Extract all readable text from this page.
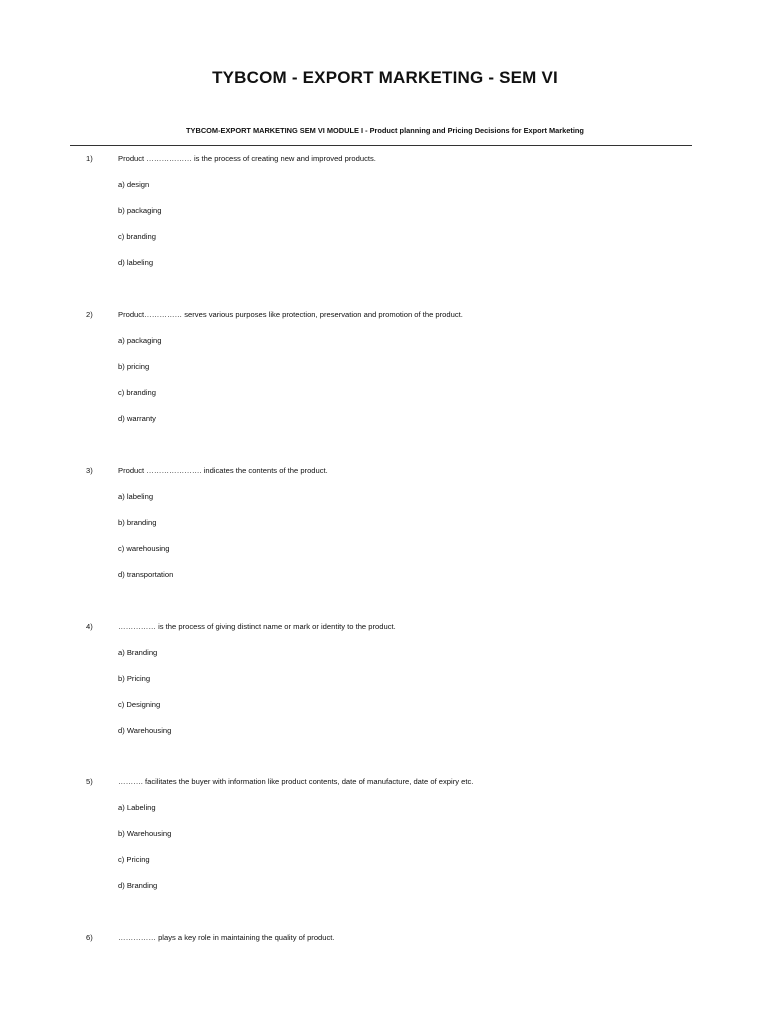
TYBCOM - EXPORT MARKETING - SEM VI
TYBCOM-EXPORT MARKETING SEM VI MODULE I - Product planning and Pricing Decisions for Export Marketing
1)	Product ……………… is the process of creating new and improved products.
a) design
b) packaging
c) branding
d) labeling
2)	Product…………… serves various purposes like protection, preservation and promotion of the product.
a) packaging
b) pricing
c) branding
d) warranty
3)	Product …………………. indicates the contents of the product.
a) labeling
b) branding
c) warehousing
d) transportation
4)	…………… is the process of giving distinct name or mark or identity to the product.
a) Branding
b) Pricing
c) Designing
d) Warehousing
5)	………. facilitates the buyer with information like product contents, date of manufacture, date of expiry etc.
a) Labeling
b) Warehousing
c) Pricing
d) Branding
6)	…………… plays a key role in maintaining the quality of product.
